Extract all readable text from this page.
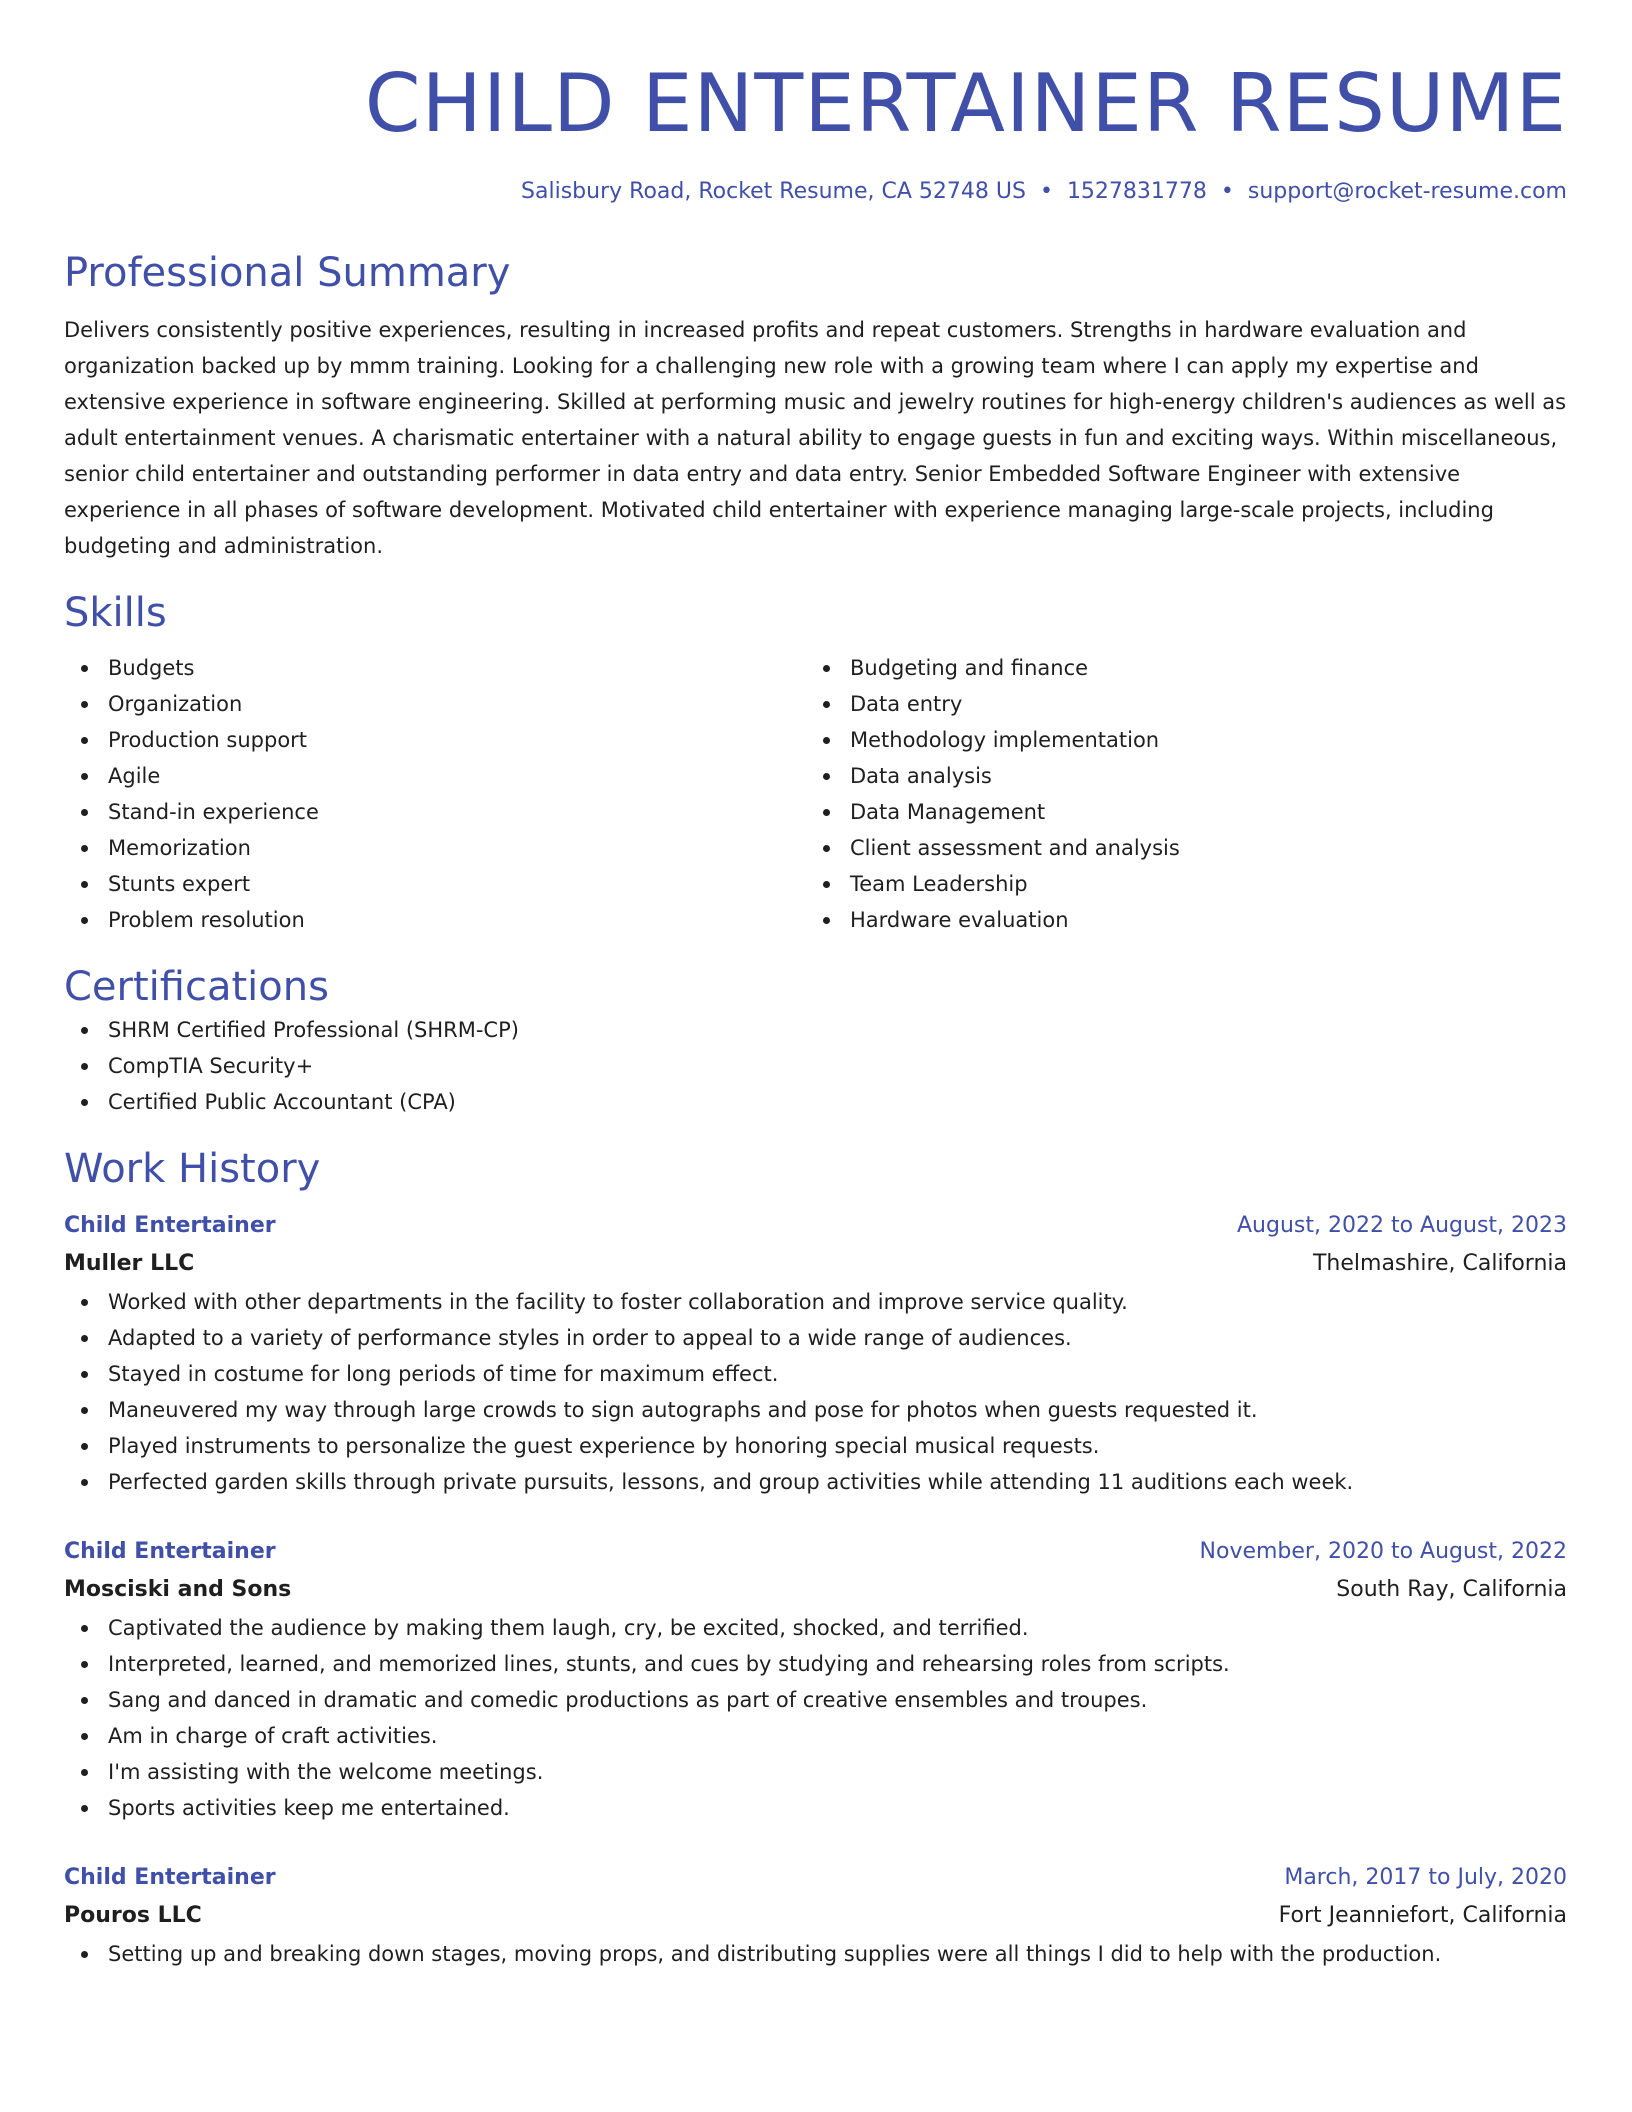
CHILD ENTERTAINER RESUME
Salisbury Road, Rocket Resume, CA 52748 US • 1527831778 • support@rocket-resume.com
Professional Summary

Delivers consistently positive experiences, resulting in increased profits and repeat customers. Strengths in hardware evaluation and organization backed up by mmm training. Looking for a challenging new role with a growing team where I can apply my expertise and extensive experience in software engineering. Skilled at performing music and jewelry routines for high-energy children's audiences as well as adult entertainment venues. A charismatic entertainer with a natural ability to engage guests in fun and exciting ways. Within miscellaneous, senior child entertainer and outstanding performer in data entry and data entry. Senior Embedded Software Engineer with extensive experience in all phases of software development. Motivated child entertainer with experience managing large-scale projects, including budgeting and administration.

Skills
Budgets
Organization
Production support
Agile
Stand-in experience
Memorization
Stunts expert
Problem resolution
Budgeting and finance
Data entry
Methodology implementation
Data analysis
Data Management
Client assessment and analysis
Team Leadership
Hardware evaluation
Certifications
SHRM Certified Professional (SHRM-CP)
CompTIA Security+
Certified Public Accountant (CPA)
Work History
Child Entertainer	August, 2022 to August, 2023
Muller LLC	Thelmashire, California
Worked with other departments in the facility to foster collaboration and improve service quality.
Adapted to a variety of performance styles in order to appeal to a wide range of audiences.
Stayed in costume for long periods of time for maximum effect.
Maneuvered my way through large crowds to sign autographs and pose for photos when guests requested it.
Played instruments to personalize the guest experience by honoring special musical requests.
Perfected garden skills through private pursuits, lessons, and group activities while attending 11 auditions each week.
Child Entertainer	November, 2020 to August, 2022
Mosciski and Sons	South Ray, California
Captivated the audience by making them laugh, cry, be excited, shocked, and terrified.
Interpreted, learned, and memorized lines, stunts, and cues by studying and rehearsing roles from scripts.
Sang and danced in dramatic and comedic productions as part of creative ensembles and troupes.
Am in charge of craft activities.
I'm assisting with the welcome meetings.
Sports activities keep me entertained.
Child Entertainer	March, 2017 to July, 2020
Pouros LLC	Fort Jeanniefort, California
Setting up and breaking down stages, moving props, and distributing supplies were all things I did to help with the production.
